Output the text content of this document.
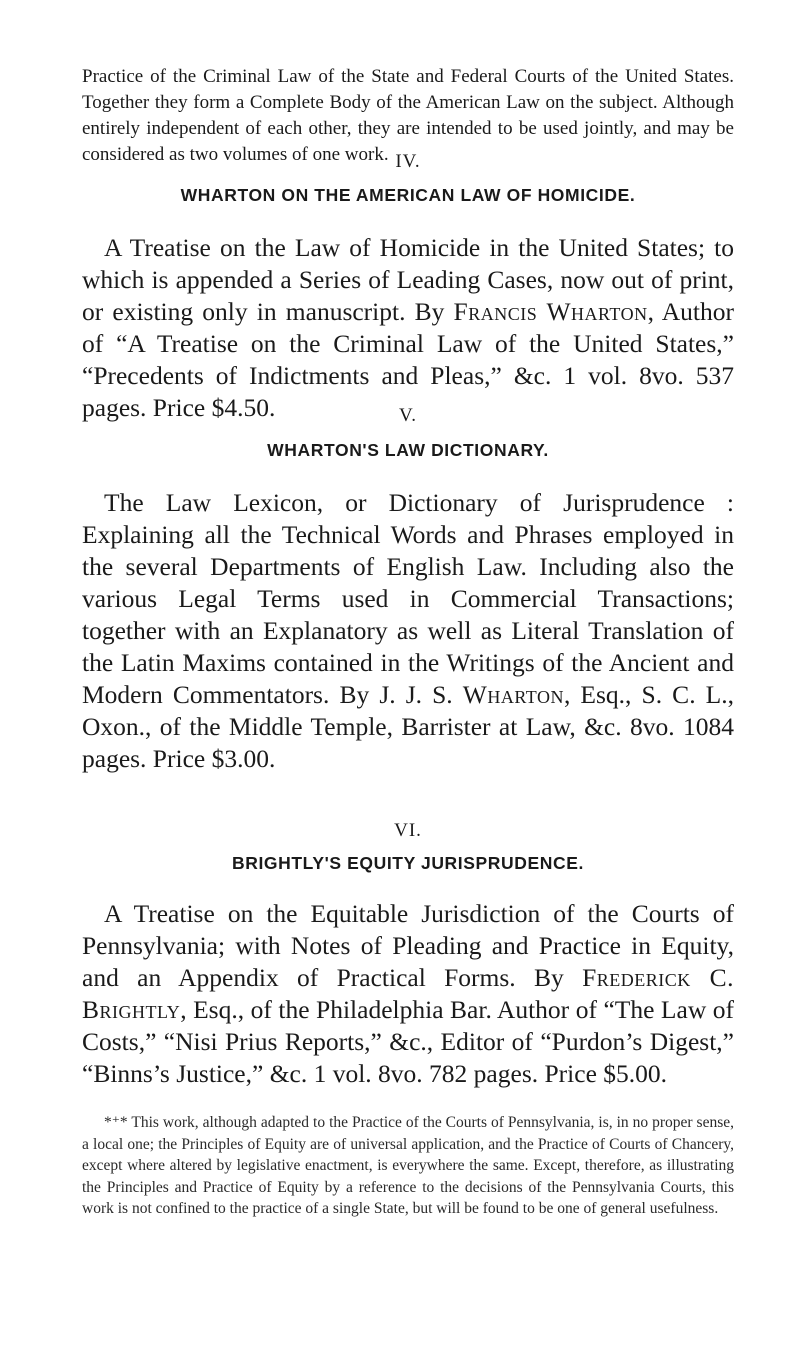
Practice of the Criminal Law of the State and Federal Courts of the United States. Together they form a Complete Body of the American Law on the subject. Although entirely independent of each other, they are intended to be used jointly, and may be considered as two volumes of one work. IV.

WHARTON ON THE AMERICAN LAW OF HOMICIDE.

A Treatise on the Law of Homicide in the United States; to which is appended a Series of Leading Cases, now out of print, or existing only in manuscript. By Francis Wharton, Author of “A Treatise on the Criminal Law of the United States,” “Precedents of Indictments and Pleas,” &c. 1 vol. 8vo. 537 pages. Price $4.50.	V.

WHARTON'S LAW DICTIONARY.

The Law Lexicon, or Dictionary of Jurisprudence : Explaining all the Technical Words and Phrases employed in the several Departments of English Law. Including also the various Legal Terms used in Commercial Transactions; together with an Explanatory as well as Literal Translation of the Latin Maxims contained in the Writings of the Ancient and Modern Commentators. By J. J. S. Wharton, Esq., S. C. L., Oxon., of the Middle Temple, Barrister at Law, &c. 8vo. 1084 pages. Price $3.00.

VI.

BRIGHTLY'S EQUITY JURISPRUDENCE.

A Treatise on the Equitable Jurisdiction of the Courts of Pennsylvania; with Notes of Pleading and Practice in Equity, and an Appendix of Practical Forms. By Frederick C. Brightly, Esq., of the Philadelphia Bar. Author of “The Law of Costs,” “Nisi Prius Reports,” &c., Editor of “Purdon’s Digest,” “Binns’s Justice,” &c. 1 vol. 8vo. 782 pages. Price $5.00.

*⁺* This work, although adapted to the Practice of the Courts of Pennsylvania, is, in no proper sense, a local one; the Principles of Equity are of universal application, and the Practice of Courts of Chancery, except where altered by legislative enactment, is everywhere the same. Except, therefore, as illustrating the Principles and Practice of Equity by a reference to the decisions of the Pennsylvania Courts, this work is not confined to the practice of a single State, but will be found to be one of general usefulness.
